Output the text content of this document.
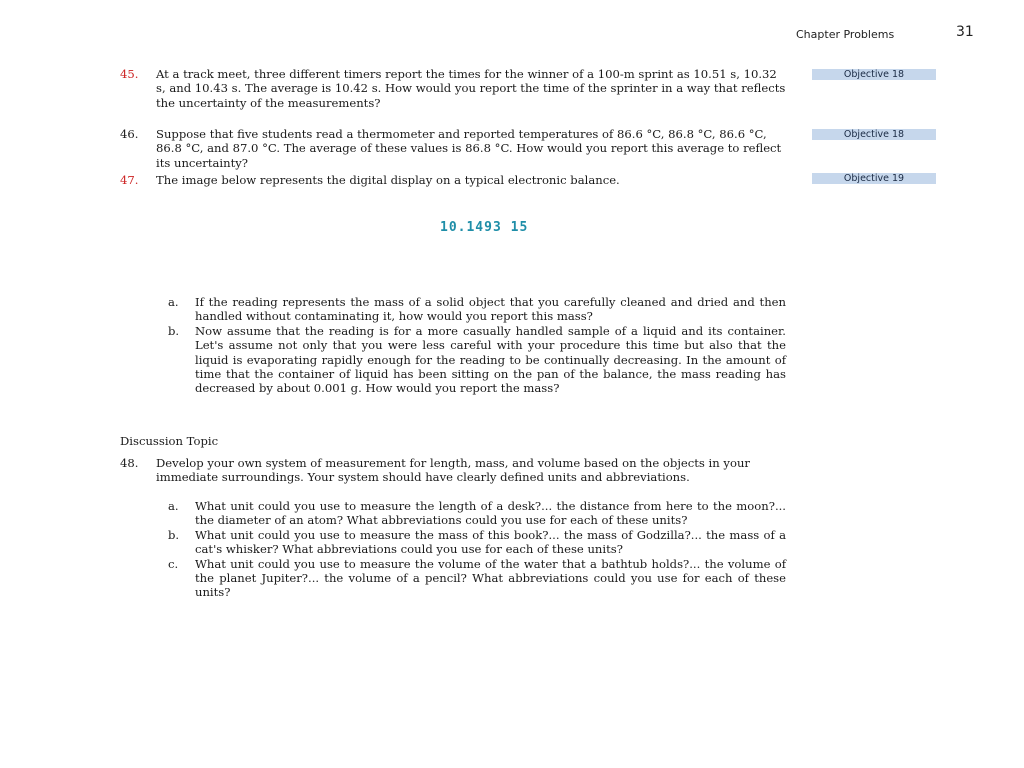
Chapter Problems	31
45.	At a track meet, three different timers report the times for the winner of a 100-m sprint as 10.51 s, 10.32 s, and 10.43 s. The average is 10.42 s. How would you report the time of the sprinter in a way that reflects the uncertainty of the measurements?
Objective 18
46.	Suppose that five students read a thermometer and reported temperatures of 86.6 °C, 86.8 °C, 86.6 °C, 86.8 °C, and 87.0 °C. The average of these values is 86.8 °C. How would you report this average to reflect its uncertainty?
Objective 18
47.	The image below represents the digital display on a typical electronic balance.	Objective 19
10.1493 15
a.	If the reading represents the mass of a solid object that you carefully cleaned and dried and then handled without contaminating it, how would you report this mass?
b.	Now assume that the reading is for a more casually handled sample of a liquid and its container. Let's assume not only that you were less careful with your procedure this time but also that the liquid is evaporating rapidly enough for the reading to be continually decreasing. In the amount of time that the container of liquid has been sitting on the pan of the balance, the mass reading has decreased by about 0.001 g. How would you report the mass?
Discussion Topic
48.	Develop your own system of measurement for length, mass, and volume based on the objects in your immediate surroundings. Your system should have clearly defined units and abbreviations.
a.	What unit could you use to measure the length of a desk?... the distance from here to the moon?... the diameter of an atom? What abbreviations could you use for each of these units?
b.	What unit could you use to measure the mass of this book?... the mass of Godzilla?... the mass of a cat's whisker? What abbreviations could you use for each of these units?
c.	What unit could you use to measure the volume of the water that a bathtub holds?... the volume of the planet Jupiter?... the volume of a pencil? What abbreviations could you use for each of these units?
